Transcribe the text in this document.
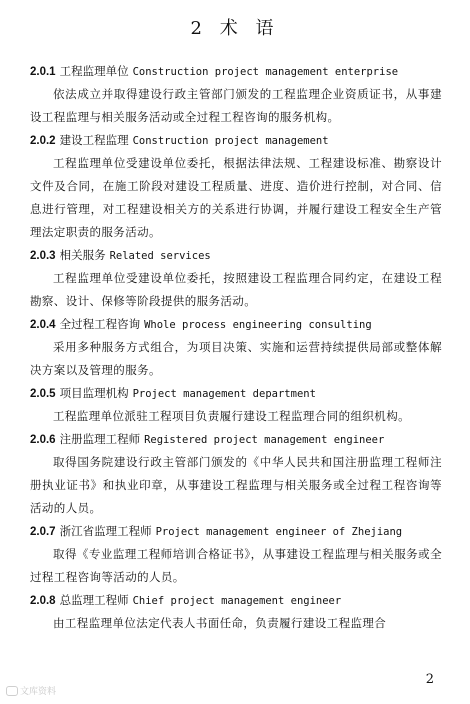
2 术 语
2.0.1 工程监理单位 Construction project management enterprise

依法成立并取得建设行政主管部门颁发的工程监理企业资质证书，从事建设工程监理与相关服务活动或全过程工程咨询的服务机构。

2.0.2 建设工程监理 Construction project management

工程监理单位受建设单位委托，根据法律法规、工程建设标准、勘察设计文件及合同，在施工阶段对建设工程质量、进度、造价进行控制，对合同、信息进行管理，对工程建设相关方的关系进行协调，并履行建设工程安全生产管理法定职责的服务活动。

2.0.3 相关服务 Related services

工程监理单位受建设单位委托，按照建设工程监理合同约定，在建设工程勘察、设计、保修等阶段提供的服务活动。

2.0.4 全过程工程咨询 Whole process engineering consulting

采用多种服务方式组合，为项目决策、实施和运营持续提供局部或整体解决方案以及管理的服务。

2.0.5 项目监理机构 Project management department

工程监理单位派驻工程项目负责履行建设工程监理合同的组织机构。

2.0.6 注册监理工程师 Registered project management engineer

取得国务院建设行政主管部门颁发的《中华人民共和国注册监理工程师注册执业证书》和执业印章，从事建设工程监理与相关服务或全过程工程咨询等活动的人员。

2.0.7 浙江省监理工程师 Project management engineer of Zhejiang

取得《专业监理工程师培训合格证书》，从事建设工程监理与相关服务或全过程工程咨询等活动的人员。

2.0.8 总监理工程师 Chief project management engineer

由工程监理单位法定代表人书面任命，负责履行建设工程监理合

文库资料
2
